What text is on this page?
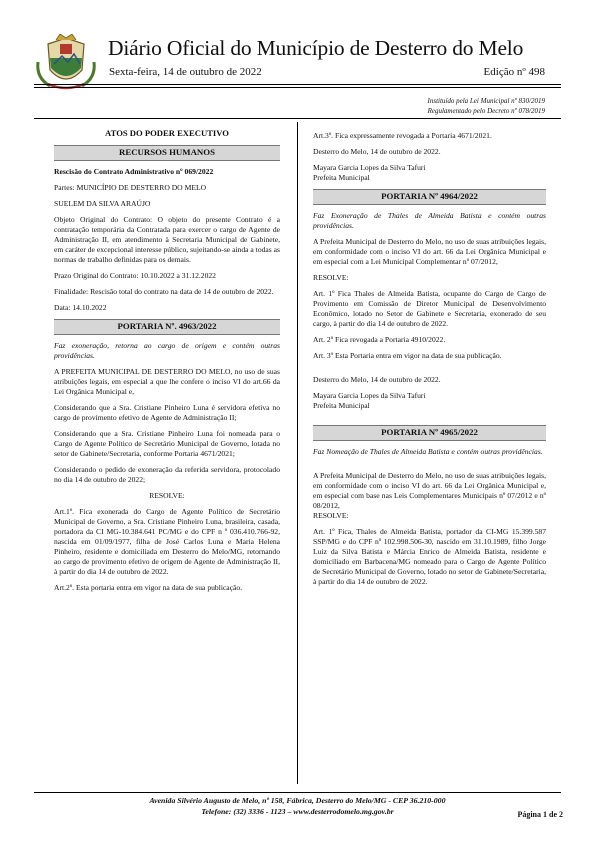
Diário Oficial do Município de Desterro do Melo
Sexta-feira, 14 de outubro de 2022	Edição nº 498
Instituído pela Lei Municipal nº 830/2019
Regulamentado pelo Decreto nº 078/2019
ATOS DO PODER EXECUTIVO
RECURSOS HUMANOS
Rescisão do Contrato Administrativo nº 069/2022
Partes: MUNICÍPIO DE DESTERRO DO MELO
SUELEM DA SILVA ARAÚJO
Objeto Original do Contrato: O objeto do presente Contrato é a contratação temporária da Contratada para exercer o cargo de Agente de Administração II, em atendimento à Secretaria Municipal de Gabinete, em caráter de excepcional interesse público, sujeitando-se ainda a todas as normas de trabalho definidas para os demais.
Prazo Original do Contrato: 10.10.2022 a 31.12.2022
Finalidade: Rescisão total do contrato na data de 14 de outubro de 2022.
Data: 14.10.2022
PORTARIA Nº. 4963/2022
Faz exoneração, retorna ao cargo de origem e contém outras providências.
A PREFEITA MUNICIPAL DE DESTERRO DO MELO, no uso de suas atribuições legais, em especial a que lhe confere o inciso VI do art.66 da Lei Orgânica Municipal e,
Considerando que a Sra. Cristiane Pinheiro Luna é servidora efetiva no cargo de provimento efetivo de Agente de Administração II;
Considerando que a Sra. Cristiane Pinheiro Luna foi nomeada para o Cargo de Agente Político de Secretário Municipal de Governo, lotada no setor de Gabinete/Secretaria, conforme Portaria 4671/2021;
Considerando o pedido de exoneração da referida servidora, protocolado no dia 14 de outubro de 2022;
RESOLVE:
Art.1º. Fica exonerada do Cargo de Agente Político de Secretário Municipal de Governo, a Sra. Cristiane Pinheiro Luna, brasileira, casada, portadora da CI MG-10.384.641 PC/MG e do CPF n º 036.410.766-92, nascida em 01/09/1977, filha de José Carlos Luna e Maria Helena Pinheiro, residente e domiciliada em Desterro do Melo/MG, retornando ao cargo de provimento efetivo de origem de Agente de Administração II, à partir do dia 14 de outubro de 2022.
Art.2º. Esta portaria entra em vigor na data de sua publicação.
Art.3º. Fica expressamente revogada a Portaria 4671/2021.
Desterro do Melo, 14 de outubro de 2022.
Mayara Garcia Lopes da Silva Tafuri
Prefeita Municipal
PORTARIA Nº 4964/2022
Faz Exoneração de Thales de Almeida Batista e contém outras providências.
A Prefeita Municipal de Desterro do Melo, no uso de suas atribuições legais, em conformidade com o inciso VI do art. 66 da Lei Orgânica Municipal e em especial com a Lei Municipal Complementar nº 07/2012,
RESOLVE:
Art. 1º Fica Thales de Almeida Batista, ocupante do Cargo de Cargo de Provimento em Comissão de Diretor Municipal de Desenvolvimento Econômico, lotado no Setor de Gabinete e Secretaria, exonerado de seu cargo, à partir do dia 14 de outubro de 2022.
Art. 2º Fica revogada a Portaria 4910/2022.
Art. 3º Esta Portaria entra em vigor na data de sua publicação.
Desterro do Melo, 14 de outubro de 2022.
Mayara Garcia Lopes da Silva Tafuri
Prefeita Municipal
PORTARIA Nº 4965/2022
Faz Nomeação de Thales de Almeida Batista e contém outras providências.
A Prefeita Municipal de Desterro do Melo, no uso de suas atribuições legais, em conformidade com o inciso VI do art. 66 da Lei Orgânica Municipal e, em especial com base nas Leis Complementares Municipais nº 07/2012 e nº 08/2012,
RESOLVE:
Art. 1º Fica, Thales de Almeida Batista, portador da CI-MG 15.399.587 SSP/MG e do CPF nº 102.998.506-30, nascido em 31.10.1989, filho Jorge Luiz da Silva Batista e Márcia Enrico de Almeida Batista, residente e domiciliado em Barbacena/MG nomeado para o Cargo de Agente Político de Secretário Municipal de Governo, lotado no setor de Gabinete/Secretaria, à partir do dia 14 de outubro de 2022.
Avenida Silvério Augusto de Melo, nº 158, Fábrica, Desterro do Melo/MG - CEP 36.210-000
Telefone: (32) 3336 - 1123 – www.desterrodomelo.mg.gov.br	Página 1 de 2
